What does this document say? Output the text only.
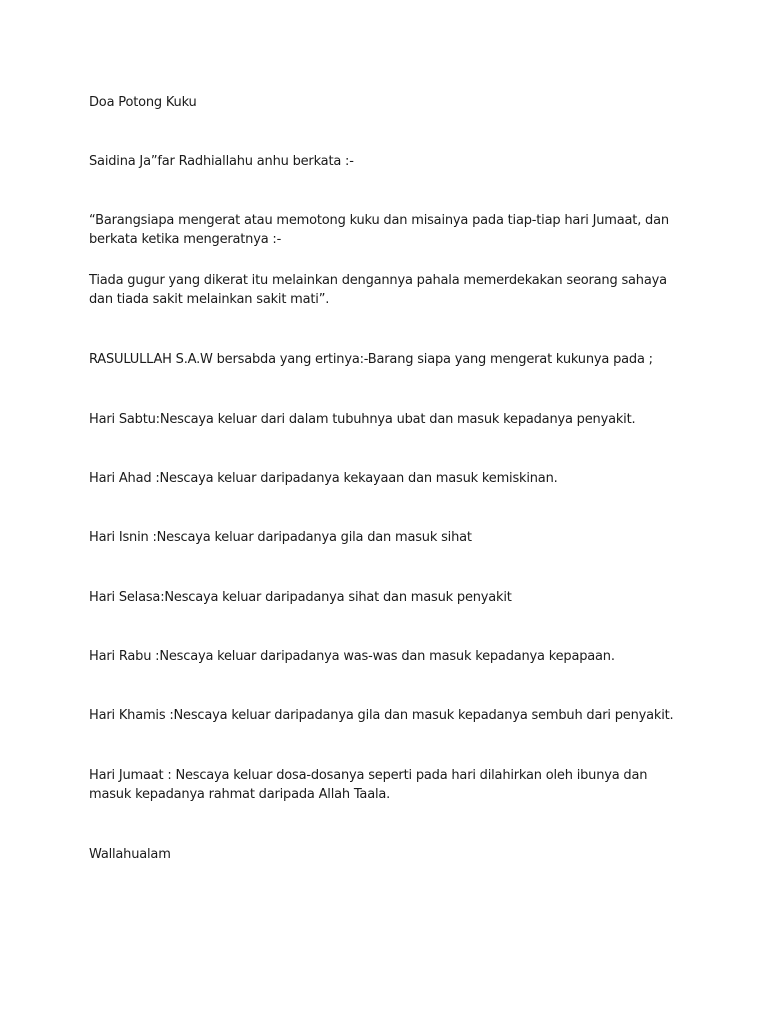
Doa Potong Kuku

Saidina Ja”far Radhiallahu anhu berkata :-

“Barangsiapa mengerat atau memotong kuku dan misainya pada tiap-tiap hari Jumaat, dan berkata ketika mengeratnya :-

Tiada gugur yang dikerat itu melainkan dengannya pahala memerdekakan seorang sahaya dan tiada sakit melainkan sakit mati”.

RASULULLAH S.A.W bersabda yang ertinya:-Barang siapa yang mengerat kukunya pada ;

Hari Sabtu:Nescaya keluar dari dalam tubuhnya ubat dan masuk kepadanya penyakit.

Hari Ahad :Nescaya keluar daripadanya kekayaan dan masuk kemiskinan.

Hari Isnin :Nescaya keluar daripadanya gila dan masuk sihat

Hari Selasa:Nescaya keluar daripadanya sihat dan masuk penyakit

Hari Rabu :Nescaya keluar daripadanya was-was dan masuk kepadanya kepapaan.

Hari Khamis :Nescaya keluar daripadanya gila dan masuk kepadanya sembuh dari penyakit.

Hari Jumaat : Nescaya keluar dosa-dosanya seperti pada hari dilahirkan oleh ibunya dan masuk kepadanya rahmat daripada Allah Taala.

Wallahualam
